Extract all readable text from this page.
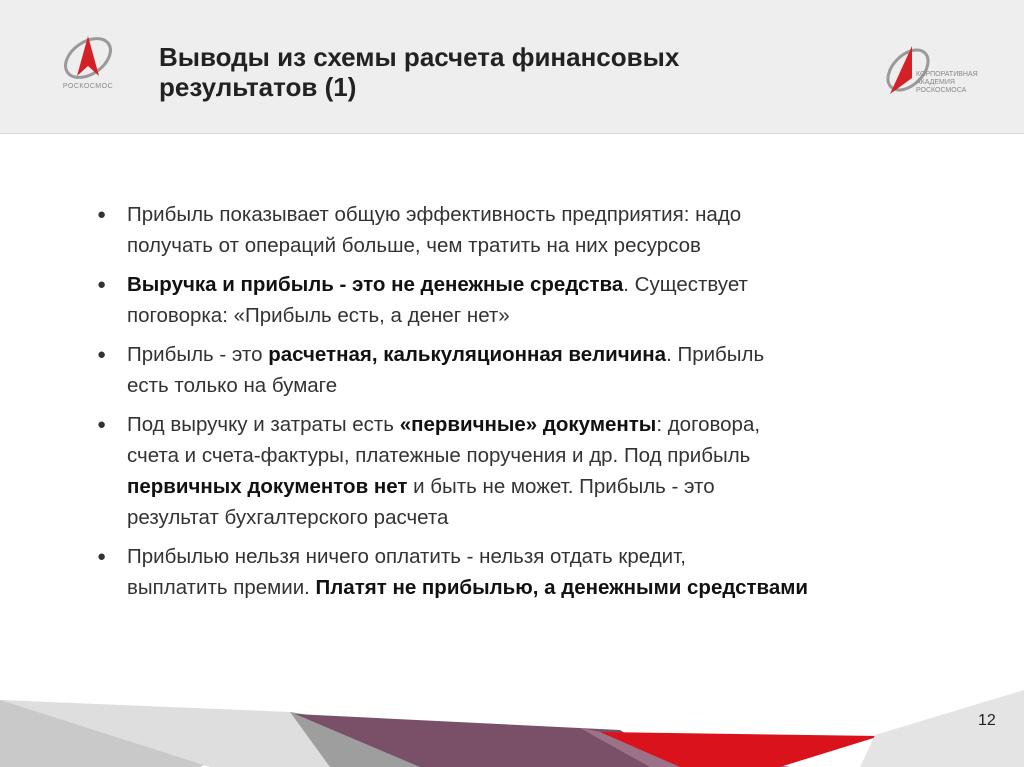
РОСКОСМОС
Выводы из схемы расчета финансовых
результатов (1)	КОРПОРАТИВНАЯ
АКАДЕМИЯ
РОСКОСМОСА
● Прибыль показывает общую эффективность предприятия: надо
получать от операций больше, чем тратить на них ресурсов
● Выручка и прибыль - это не денежные средства. Существует
поговорка: «Прибыль есть, а денег нет»
● Прибыль - это расчетная, калькуляционная величина. Прибыль
есть только на бумаге
● Под выручку и затраты есть «первичные» документы: договора,
счета и счета-фактуры, платежные поручения и др. Под прибыль
первичных документов нет и быть не может. Прибыль - это
результат бухгалтерского расчета
● Прибылью нельзя ничего оплатить - нельзя отдать кредит,
выплатить премии. Платят не прибылью, а денежными средствами
12
